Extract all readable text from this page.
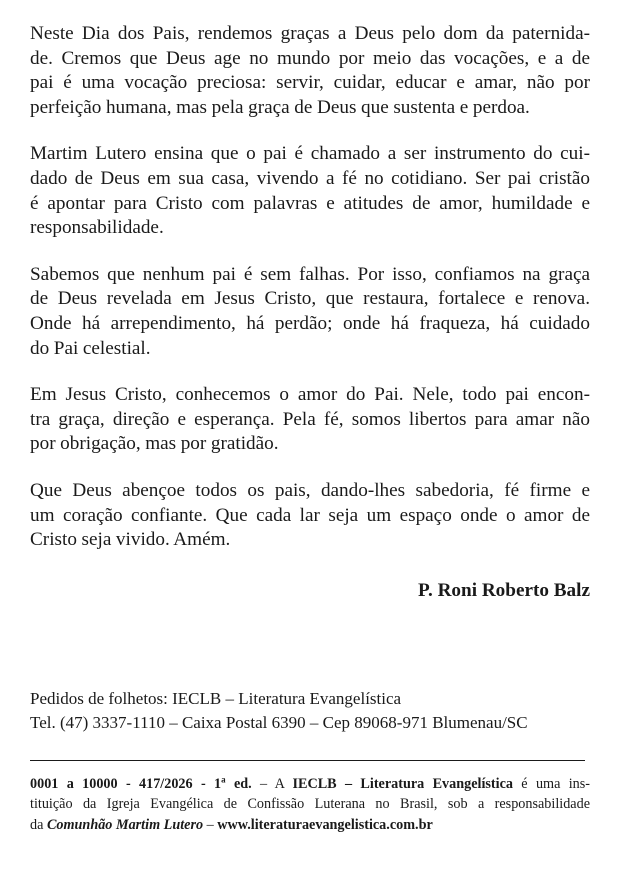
Neste Dia dos Pais, rendemos graças a Deus pelo dom da paternida-
de. Cremos que Deus age no mundo por meio das vocações, e a de
pai é uma vocação preciosa: servir, cuidar, educar e amar, não por
perfeição humana, mas pela graça de Deus que sustenta e perdoa.

Martim Lutero ensina que o pai é chamado a ser instrumento do cui-
dado de Deus em sua casa, vivendo a fé no cotidiano. Ser pai cristão
é apontar para Cristo com palavras e atitudes de amor, humildade e
responsabilidade.

Sabemos que nenhum pai é sem falhas. Por isso, confiamos na graça
de Deus revelada em Jesus Cristo, que restaura, fortalece e renova.
Onde há arrependimento, há perdão; onde há fraqueza, há cuidado
do Pai celestial.

Em Jesus Cristo, conhecemos o amor do Pai. Nele, todo pai encon-
tra graça, direção e esperança. Pela fé, somos libertos para amar não
por obrigação, mas por gratidão.

Que Deus abençoe todos os pais, dando-lhes sabedoria, fé firme e
um coração confiante. Que cada lar seja um espaço onde o amor de
Cristo seja vivido. Amém.

P. Roni Roberto Balz
Pedidos de folhetos: IECLB – Literatura Evangelística
Tel. (47) 3337-1110 – Caixa Postal 6390 – Cep 89068-971 Blumenau/SC
0001 a 10000 - 417/2026 - 1$^a$ ed. – A IECLB – Literatura Evangelística é uma ins-
tituição da Igreja Evangélica de Confissão Luterana no Brasil, sob a responsabilidade
da Comunhão Martim Lutero – www.literaturaevangelistica.com.br
